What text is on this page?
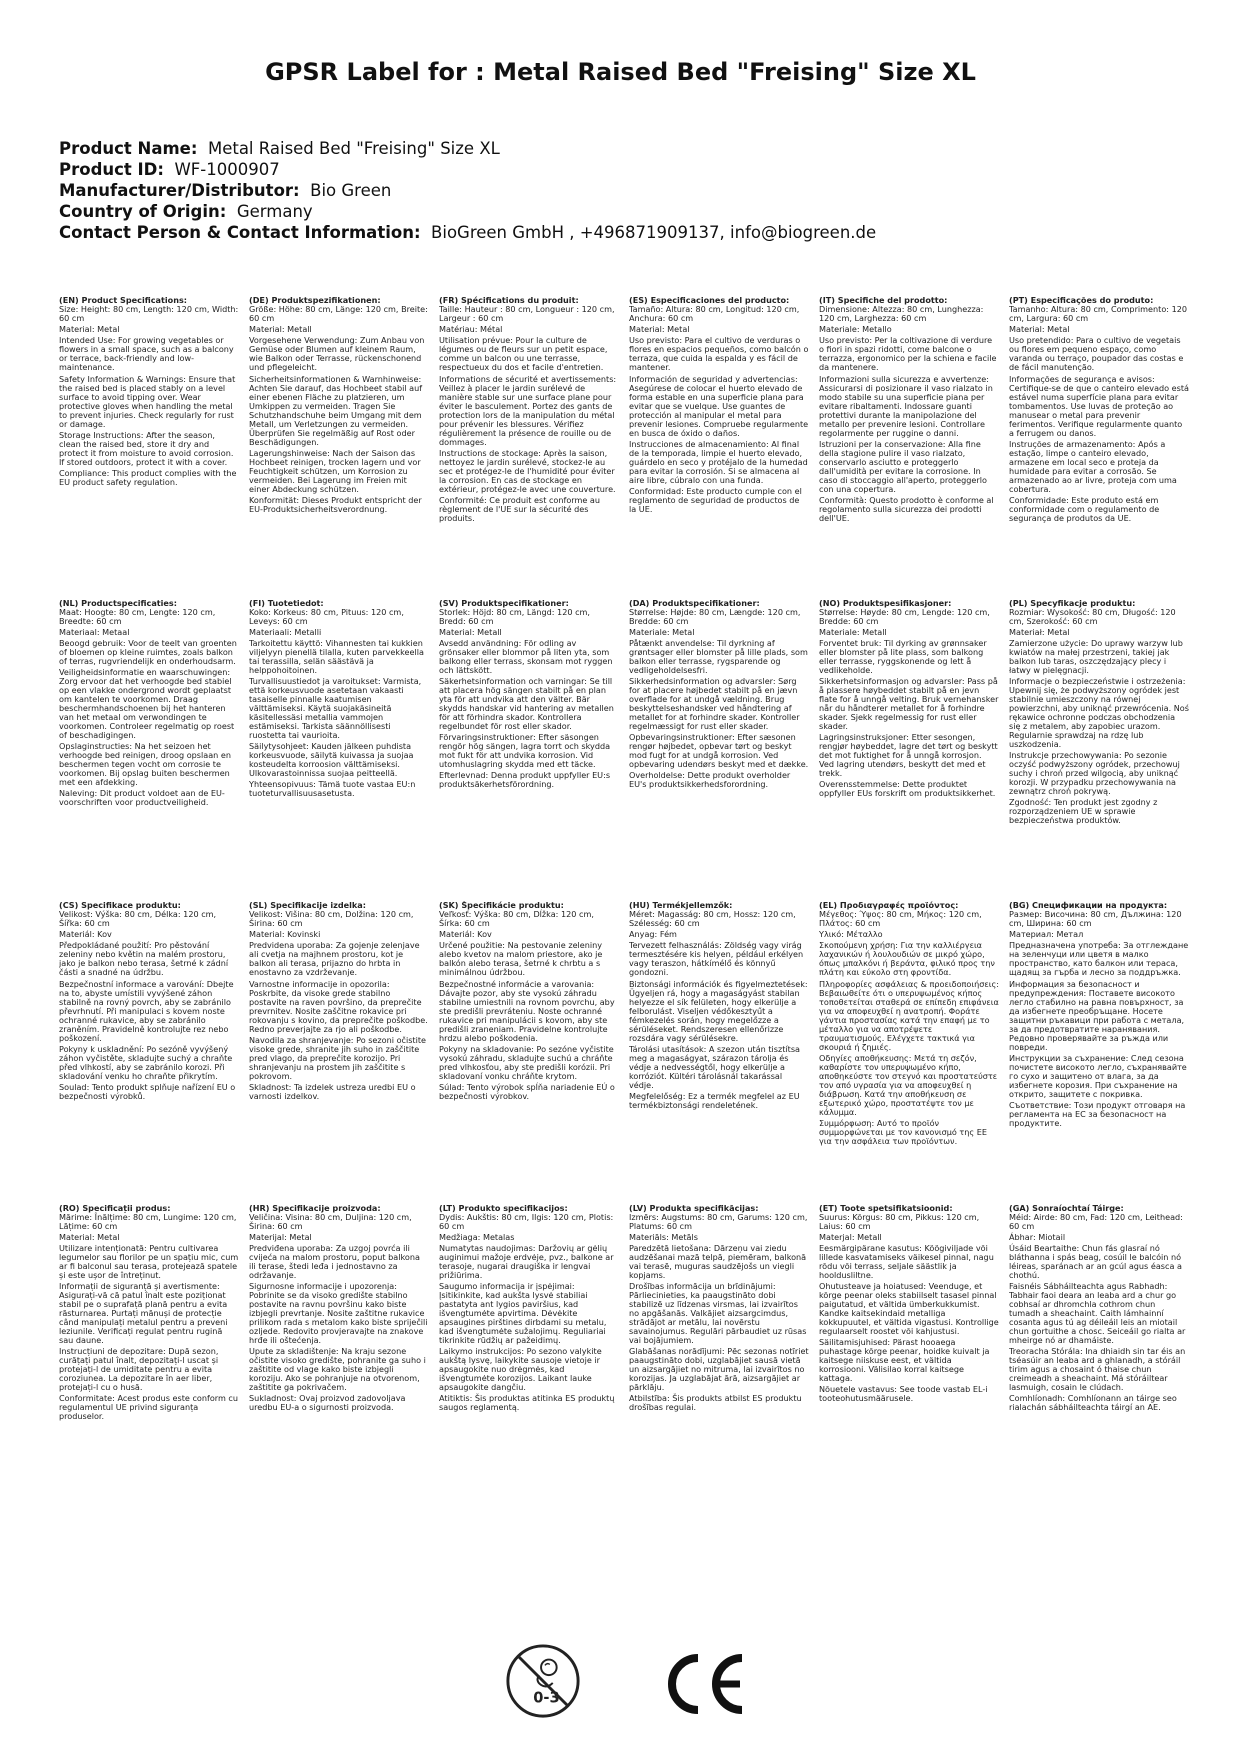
GPSR Label for : Metal Raised Bed "Freising" Size XL
Product Name: Metal Raised Bed "Freising" Size XL
Product ID: WF-1000907
Manufacturer/Distributor: Bio Green
Country of Origin: Germany
Contact Person & Contact Information: BioGreen GmbH , +496871909137, info@biogreen.de
(EN) Product Specifications:

Size: Height: 80 cm, Length: 120 cm, Width: 60 cm

Material: Metal

Intended Use: For growing vegetables or flowers in a small space, such as a balcony or terrace, back-friendly and low-maintenance.

Safety Information & Warnings: Ensure that the raised bed is placed stably on a level surface to avoid tipping over. Wear protective gloves when handling the metal to prevent injuries. Check regularly for rust or damage.

Storage Instructions: After the season, clean the raised bed, store it dry and protect it from moisture to avoid corrosion. If stored outdoors, protect it with a cover.

Compliance: This product complies with the EU product safety regulation.

(DE) Produktspezifikationen:

Größe: Höhe: 80 cm, Länge: 120 cm, Breite: 60 cm

Material: Metall

Vorgesehene Verwendung: Zum Anbau von Gemüse oder Blumen auf kleinem Raum, wie Balkon oder Terrasse, rückenschonend und pflegeleicht.

Sicherheitsinformationen & Warnhinweise: Achten Sie darauf, das Hochbeet stabil auf einer ebenen Fläche zu platzieren, um Umkippen zu vermeiden. Tragen Sie Schutzhandschuhe beim Umgang mit dem Metall, um Verletzungen zu vermeiden. Überprüfen Sie regelmäßig auf Rost oder Beschädigungen.

Lagerungshinweise: Nach der Saison das Hochbeet reinigen, trocken lagern und vor Feuchtigkeit schützen, um Korrosion zu vermeiden. Bei Lagerung im Freien mit einer Abdeckung schützen.

Konformität: Dieses Produkt entspricht der EU-Produktsicherheitsverordnung.

(FR) Spécifications du produit:

Taille: Hauteur : 80 cm, Longueur : 120 cm, Largeur : 60 cm

Matériau: Métal

Utilisation prévue: Pour la culture de légumes ou de fleurs sur un petit espace, comme un balcon ou une terrasse, respectueux du dos et facile d'entretien.

Informations de sécurité et avertissements: Veillez à placer le jardin surélevé de manière stable sur une surface plane pour éviter le basculement. Portez des gants de protection lors de la manipulation du métal pour prévenir les blessures. Vérifiez régulièrement la présence de rouille ou de dommages.

Instructions de stockage: Après la saison, nettoyez le jardin surélevé, stockez-le au sec et protégez-le de l'humidité pour éviter la corrosion. En cas de stockage en extérieur, protégez-le avec une couverture.

Conformité: Ce produit est conforme au règlement de l'UE sur la sécurité des produits.

(ES) Especificaciones del producto:

Tamaño: Altura: 80 cm, Longitud: 120 cm, Anchura: 60 cm

Material: Metal

Uso previsto: Para el cultivo de verduras o flores en espacios pequeños, como balcón o terraza, que cuida la espalda y es fácil de mantener.

Información de seguridad y advertencias: Asegúrese de colocar el huerto elevado de forma estable en una superficie plana para evitar que se vuelque. Use guantes de protección al manipular el metal para prevenir lesiones. Compruebe regularmente en busca de óxido o daños.

Instrucciones de almacenamiento: Al final de la temporada, limpie el huerto elevado, guárdelo en seco y protéjalo de la humedad para evitar la corrosión. Si se almacena al aire libre, cúbralo con una funda.

Conformidad: Este producto cumple con el reglamento de seguridad de productos de la UE.

(IT) Specifiche del prodotto:

Dimensione: Altezza: 80 cm, Lunghezza: 120 cm, Larghezza: 60 cm

Materiale: Metallo

Uso previsto: Per la coltivazione di verdure o fiori in spazi ridotti, come balcone o terrazza, ergonomico per la schiena e facile da mantenere.

Informazioni sulla sicurezza e avvertenze: Assicurarsi di posizionare il vaso rialzato in modo stabile su una superficie piana per evitare ribaltamenti. Indossare guanti protettivi durante la manipolazione del metallo per prevenire lesioni. Controllare regolarmente per ruggine o danni.

Istruzioni per la conservazione: Alla fine della stagione pulire il vaso rialzato, conservarlo asciutto e proteggerlo dall'umidità per evitare la corrosione. In caso di stoccaggio all'aperto, proteggerlo con una copertura.

Conformità: Questo prodotto è conforme al regolamento sulla sicurezza dei prodotti dell'UE.

(PT) Especificações do produto:

Tamanho: Altura: 80 cm, Comprimento: 120 cm, Largura: 60 cm

Material: Metal

Uso pretendido: Para o cultivo de vegetais ou flores em pequeno espaço, como varanda ou terraço, poupador das costas e de fácil manutenção.

Informações de segurança e avisos: Certifique-se de que o canteiro elevado está estável numa superfície plana para evitar tombamentos. Use luvas de proteção ao manusear o metal para prevenir ferimentos. Verifique regularmente quanto a ferrugem ou danos.

Instruções de armazenamento: Após a estação, limpe o canteiro elevado, armazene em local seco e proteja da humidade para evitar a corrosão. Se armazenado ao ar livre, proteja com uma cobertura.

Conformidade: Este produto está em conformidade com o regulamento de segurança de produtos da UE.

(NL) Productspecificaties:

Maat: Hoogte: 80 cm, Lengte: 120 cm, Breedte: 60 cm

Materiaal: Metaal

Beoogd gebruik: Voor de teelt van groenten of bloemen op kleine ruimtes, zoals balkon of terras, rugvriendelijk en onderhoudsarm.

Veiligheidsinformatie en waarschuwingen: Zorg ervoor dat het verhoogde bed stabiel op een vlakke ondergrond wordt geplaatst om kantelen te voorkomen. Draag beschermhandschoenen bij het hanteren van het metaal om verwondingen te voorkomen. Controleer regelmatig op roest of beschadigingen.

Opslaginstructies: Na het seizoen het verhoogde bed reinigen, droog opslaan en beschermen tegen vocht om corrosie te voorkomen. Bij opslag buiten beschermen met een afdekking.

Naleving: Dit product voldoet aan de EU-voorschriften voor productveiligheid.

(FI) Tuotetiedot:

Koko: Korkeus: 80 cm, Pituus: 120 cm, Leveys: 60 cm

Materiaali: Metalli

Tarkoitettu käyttö: Vihannesten tai kukkien viljelyyn pienellä tilalla, kuten parvekkeella tai terassilla, selän säästävä ja helppohoitoinen.

Turvallisuustiedot ja varoitukset: Varmista, että korkeusvuode asetetaan vakaasti tasaiselle pinnalle kaatumisen välttämiseksi. Käytä suojakäsineitä käsitellessäsi metallia vammojen estämiseksi. Tarkista säännöllisesti ruostetta tai vaurioita.

Säilytysohjeet: Kauden jälkeen puhdista korkeusvuode, säilytä kuivassa ja suojaa kosteudelta korroosion välttämiseksi. Ulkovarastoinnissa suojaa peitteellä.

Yhteensopivuus: Tämä tuote vastaa EU:n tuoteturvallisuusasetusta.

(SV) Produktspecifikationer:

Storlek: Höjd: 80 cm, Längd: 120 cm, Bredd: 60 cm

Material: Metall

Avsedd användning: För odling av grönsaker eller blommor på liten yta, som balkong eller terrass, skonsam mot ryggen och lättskött.

Säkerhetsinformation och varningar: Se till att placera hög sängen stabilt på en plan yta för att undvika att den välter. Bär skydds handskar vid hantering av metallen för att förhindra skador. Kontrollera regelbundet för rost eller skador.

Förvaringsinstruktioner: Efter säsongen rengör hög sängen, lagra torrt och skydda mot fukt för att undvika korrosion. Vid utomhuslagring skydda med ett täcke.

Efterlevnad: Denna produkt uppfyller EU:s produktsäkerhetsförordning.

(DA) Produktspecifikationer:

Størrelse: Højde: 80 cm, Længde: 120 cm, Bredde: 60 cm

Materiale: Metal

Påtænkt anvendelse: Til dyrkning af grøntsager eller blomster på lille plads, som balkon eller terrasse, rygsparende og vedligeholdelsesfri.

Sikkerhedsinformation og advarsler: Sørg for at placere højbedet stabilt på en jævn overflade for at undgå vældning. Brug beskyttelseshandsker ved håndtering af metallet for at forhindre skader. Kontroller regelmæssigt for rust eller skader.

Opbevaringsinstruktioner: Efter sæsonen rengør højbedet, opbevar tørt og beskyt mod fugt for at undgå korrosion. Ved opbevaring udendørs beskyt med et dække.

Overholdelse: Dette produkt overholder EU's produktsikkerhedsforordning.

(NO) Produktspesifikasjoner:

Størrelse: Høyde: 80 cm, Lengde: 120 cm, Bredde: 60 cm

Materiale: Metall

Forventet bruk: Til dyrking av grønnsaker eller blomster på lite plass, som balkong eller terrasse, ryggskonende og lett å vedlikeholde.

Sikkerhetsinformasjon og advarsler: Pass på å plassere høybeddet stabilt på en jevn flate for å unngå velting. Bruk vernehansker når du håndterer metallet for å forhindre skader. Sjekk regelmessig for rust eller skader.

Lagringsinstruksjoner: Etter sesongen, rengjør høybeddet, lagre det tørt og beskytt det mot fuktighet for å unngå korrosjon. Ved lagring utendørs, beskytt det med et trekk.

Overensstemmelse: Dette produktet oppfyller EUs forskrift om produktsikkerhet.

(PL) Specyfikacje produktu:

Rozmiar: Wysokość: 80 cm, Długość: 120 cm, Szerokość: 60 cm

Materiał: Metal

Zamierzone użycie: Do uprawy warzyw lub kwiatów na małej przestrzeni, takiej jak balkon lub taras, oszczędzający plecy i łatwy w pielęgnacji.

Informacje o bezpieczeństwie i ostrzeżenia: Upewnij się, że podwyższony ogródek jest stabilnie umieszczony na równej powierzchni, aby uniknąć przewrócenia. Noś rękawice ochronne podczas obchodzenia się z metalem, aby zapobiec urazom. Regularnie sprawdzaj na rdzę lub uszkodzenia.

Instrukcje przechowywania: Po sezonie oczyść podwyższony ogródek, przechowuj suchy i chroń przed wilgocią, aby uniknąć korozji. W przypadku przechowywania na zewnątrz chroń pokrywą.

Zgodność: Ten produkt jest zgodny z rozporządzeniem UE w sprawie bezpieczeństwa produktów.

(CS) Specifikace produktu:

Velikost: Výška: 80 cm, Délka: 120 cm, Šířka: 60 cm

Materiál: Kov

Předpokládané použití: Pro pěstování zeleniny nebo květin na malém prostoru, jako je balkon nebo terasa, šetrné k zádní části a snadné na údržbu.

Bezpečnostní informace a varování: Dbejte na to, abyste umístili vyvýšené záhon stabilně na rovný povrch, aby se zabránilo převrhnutí. Při manipulaci s kovem noste ochranné rukavice, aby se zabránilo zraněním. Pravidelně kontrolujte rez nebo poškození.

Pokyny k uskladnění: Po sezóně vyvýšený záhon vyčistěte, skladujte suchý a chraňte před vlhkostí, aby se zabránilo korozi. Při skladování venku ho chraňte přikrytím.

Soulad: Tento produkt splňuje nařízení EU o bezpečnosti výrobků.

(SL) Specifikacije izdelka:

Velikost: Višina: 80 cm, Dolžina: 120 cm, Širina: 60 cm

Material: Kovinski

Predvidena uporaba: Za gojenje zelenjave ali cvetja na majhnem prostoru, kot je balkon ali terasa, prijazno do hrbta in enostavno za vzdrževanje.

Varnostne informacije in opozorila: Poskrbite, da visoke grede stabilno postavite na raven površino, da preprečite prevrnitev. Nosite zaščitne rokavice pri rokovanju s kovino, da preprečite poškodbe. Redno preverjajte za rjo ali poškodbe.

Navodila za shranjevanje: Po sezoni očistite visoke grede, shranite jih suho in zaščitite pred vlago, da preprečite korozijo. Pri shranjevanju na prostem jih zaščitite s pokrovom.

Skladnost: Ta izdelek ustreza uredbi EU o varnosti izdelkov.

(SK) Špecifikácie produktu:

Veľkosť: Výška: 80 cm, Dĺžka: 120 cm, Šírka: 60 cm

Materiál: Kov

Určené použitie: Na pestovanie zeleniny alebo kvetov na malom priestore, ako je balkón alebo terasa, šetrné k chrbtu a s minimálnou údržbou.

Bezpečnostné informácie a varovania: Dávajte pozor, aby ste vysokú záhradu stabilne umiestnili na rovnom povrchu, aby ste predišli prevráteniu. Noste ochranné rukavice pri manipulácii s kovom, aby ste predišli zraneniam. Pravidelne kontrolujte hrdzu alebo poškodenia.

Pokyny na skladovanie: Po sezóne vyčistite vysokú záhradu, skladujte suchú a chráňte pred vlhkosťou, aby ste predišli korózii. Pri skladovaní vonku chráňte krytom.

Súlad: Tento výrobok spĺňa nariadenie EÚ o bezpečnosti výrobkov.

(HU) Termékjellemzők:

Méret: Magasság: 80 cm, Hossz: 120 cm, Szélesség: 60 cm

Anyag: Fém

Tervezett felhasználás: Zöldség vagy virág termesztésére kis helyen, például erkélyen vagy teraszon, hátkímélő és könnyű gondozni.

Biztonsági információk és figyelmeztetések: Ügyeljen rá, hogy a magaságyást stabilan helyezze el sík felületen, hogy elkerülje a felborulást. Viseljen védőkesztyűt a fémkezelés során, hogy megelőzze a sérüléseket. Rendszeresen ellenőrizze rozsdára vagy sérülésekre.

Tárolási utasítások: A szezon után tisztítsa meg a magaságyat, szárazon tárolja és védje a nedvességtől, hogy elkerülje a korróziót. Kültéri tárolásnál takarással védje.

Megfelelőség: Ez a termék megfelel az EU termékbiztonsági rendeletének.

(EL) Προδιαγραφές προϊόντος:

Μέγεθος: Ύψος: 80 cm, Μήκος: 120 cm, Πλάτος: 60 cm

Υλικό: Μέταλλο

Σκοπούμενη χρήση: Για την καλλιέργεια λαχανικών ή λουλουδιών σε μικρό χώρο, όπως μπαλκόνι ή βεράντα, φιλικό προς την πλάτη και εύκολο στη φροντίδα.

Πληροφορίες ασφάλειας & προειδοποιήσεις: Βεβαιωθείτε ότι ο υπερυψωμένος κήπος τοποθετείται σταθερά σε επίπεδη επιφάνεια για να αποφευχθεί η ανατροπή. Φοράτε γάντια προστασίας κατά την επαφή με το μέταλλο για να αποτρέψετε τραυματισμούς. Ελέγχετε τακτικά για σκουριά ή ζημιές.

Οδηγίες αποθήκευσης: Μετά τη σεζόν, καθαρίστε τον υπερυψωμένο κήπο, αποθηκεύστε τον στεγνό και προστατεύστε τον από υγρασία για να αποφευχθεί η διάβρωση. Κατά την αποθήκευση σε εξωτερικό χώρο, προστατέψτε τον με κάλυμμα.

Συμμόρφωση: Αυτό το προϊόν συμμορφώνεται με τον κανονισμό της ΕΕ για την ασφάλεια των προϊόντων.

(BG) Спецификации на продукта:

Размер: Височина: 80 cm, Дължина: 120 cm, Ширина: 60 cm

Материал: Метал

Предназначена употреба: За отглеждане на зеленчуци или цветя в малко пространство, като балкон или тераса, щадящ за гърба и лесно за поддръжка.

Информация за безопасност и предупреждения: Поставете високото легло стабилно на равна повърхност, за да избегнете преобръщане. Носете защитни ръкавици при работа с метала, за да предотвратите наранявания. Редовно проверявайте за ръжда или повреди.

Инструкции за съхранение: След сезона почистете високото легло, съхранявайте го сухо и защитено от влага, за да избегнете корозия. При съхранение на открито, защитете с покривка.

Съответствие: Този продукт отговаря на регламента на ЕС за безопасност на продуктите.

(RO) Specificații produs:

Mărime: Înălțime: 80 cm, Lungime: 120 cm, Lățime: 60 cm

Material: Metal

Utilizare intenționată: Pentru cultivarea legumelor sau florilor pe un spațiu mic, cum ar fi balconul sau terasa, protejează spatele și este ușor de întreținut.

Informații de siguranță și avertismente: Asigurați-vă că patul înalt este poziționat stabil pe o suprafață plană pentru a evita răsturnarea. Purtați mănuși de protecție când manipulați metalul pentru a preveni leziunile. Verificați regulat pentru rugină sau daune.

Instrucțiuni de depozitare: După sezon, curățați patul înalt, depozitați-l uscat și protejați-l de umiditate pentru a evita coroziunea. La depozitare în aer liber, protejați-l cu o husă.

Conformitate: Acest produs este conform cu regulamentul UE privind siguranța produselor.

(HR) Specifikacije proizvoda:

Veličina: Visina: 80 cm, Duljina: 120 cm, Širina: 60 cm

Materijal: Metal

Predviđena uporaba: Za uzgoj povrća ili cvijeća na malom prostoru, poput balkona ili terase, štedi leđa i jednostavno za održavanje.

Sigurnosne informacije i upozorenja: Pobrinite se da visoko gredište stabilno postavite na ravnu površinu kako biste izbjegli prevrtanje. Nosite zaštitne rukavice prilikom rada s metalom kako biste spriječili ozljede. Redovito provjeravajte na znakove hrđe ili oštećenja.

Upute za skladištenje: Na kraju sezone očistite visoko gredište, pohranite ga suho i zaštitite od vlage kako biste izbjegli koroziju. Ako se pohranjuje na otvorenom, zaštitite ga pokrivačem.

Sukladnost: Ovaj proizvod zadovoljava uredbu EU-a o sigurnosti proizvoda.

(LT) Produkto specifikacijos:

Dydis: Aukštis: 80 cm, Ilgis: 120 cm, Plotis: 60 cm

Medžiaga: Metalas

Numatytas naudojimas: Daržovių ar gėlių auginimui mažoje erdvėje, pvz., balkone ar terasoje, nugarai draugiška ir lengvai prižiūrima.

Saugumo informacija ir įspėjimai: Įsitikinkite, kad aukšta lysvė stabiliai pastatyta ant lygios paviršius, kad išvengtumėte apvirtima. Dėvėkite apsaugines pirštines dirbdami su metalu, kad išvengtumėte sužalojimų. Reguliariai tikrinkite rūdžių ar pažeidimų.

Laikymo instrukcijos: Po sezono valykite aukštą lysvę, laikykite sausoje vietoje ir apsaugokite nuo drėgmės, kad išvengtumėte korozijos. Laikant lauke apsaugokite dangčiu.

Atitiktis: Šis produktas atitinka ES produktų saugos reglamentą.

(LV) Produkta specifikācijas:

Izmērs: Augstums: 80 cm, Garums: 120 cm, Platums: 60 cm

Materiāls: Metāls

Paredzētā lietošana: Dārzeņu vai ziedu audzēšanai mazā telpā, piemēram, balkonā vai terasē, muguras saudzējošs un viegli kopjams.

Drošības informācija un brīdinājumi: Pārliecinieties, ka paaugstināto dobi stabilizē uz līdzenas virsmas, lai izvairītos no apgāšanās. Valkājiet aizsargcimdus, strādājot ar metālu, lai novērstu savainojumus. Regulāri pārbaudiet uz rūsas vai bojājumiem.

Glabāšanas norādījumi: Pēc sezonas notīriet paaugstināto dobi, uzglabājiet sausā vietā un aizsargājiet no mitruma, lai izvairītos no korozijas. Ja uzglabājat ārā, aizsargājiet ar pārklāju.

Atbilstība: Šis produkts atbilst ES produktu drošības regulai.

(ET) Toote spetsifikatsioonid:

Suurus: Kõrgus: 80 cm, Pikkus: 120 cm, Laius: 60 cm

Materjal: Metall

Eesmärgipärane kasutus: Köögiviljade või lillede kasvatamiseks väikesel pinnal, nagu rõdu või terrass, seljale säästlik ja hooldusliltne.

Ohutusteave ja hoiatused: Veenduge, et kõrge peenar oleks stabiilselt tasasel pinnal paigutatud, et vältida ümberkukkumist. Kandke kaitsekindaid metalliga kokkupuutel, et vältida vigastusi. Kontrollige regulaarselt roostet või kahjustusi.

Säilitamisjuhised: Pärast hooaega puhastage kõrge peenar, hoidke kuivalt ja kaitsege niiskuse eest, et vältida korrosiooni. Välisilao korral kaitsege kattaga.

Nõuetele vastavus: See toode vastab EL-i tooteohutusmäärusele.

(GA) Sonraíochtaí Táirge:

Méid: Airde: 80 cm, Fad: 120 cm, Leithead: 60 cm

Ábhar: Miotail

Úsáid Beartaithe: Chun fás glasraí nó bláthanna i spás beag, cosúil le balcóin nó léireas, sparánach ar an gcúl agus éasca a chothú.

Faisnéis Sábháilteachta agus Rabhadh: Tabhair faoi deara an leaba ard a chur go cobhsaí ar dhromchla cothrom chun tumadh a sheachaint. Caith lámhainní cosanta agus tú ag déileáil leis an miotail chun gortuithe a chosc. Seiceáil go rialta ar mheirge nó ar dhamáiste.

Treoracha Stórála: Ina dhiaidh sin tar éis an tséasúir an leaba ard a ghlanadh, a stóráil tirim agus a chosaint ó thaise chun creimeadh a sheachaint. Má stóráiltear lasmuigh, cosain le clúdach.

Comhlíonadh: Comhlíonann an táirge seo rialachán sábháilteachta táirgí an AE.

0-3
